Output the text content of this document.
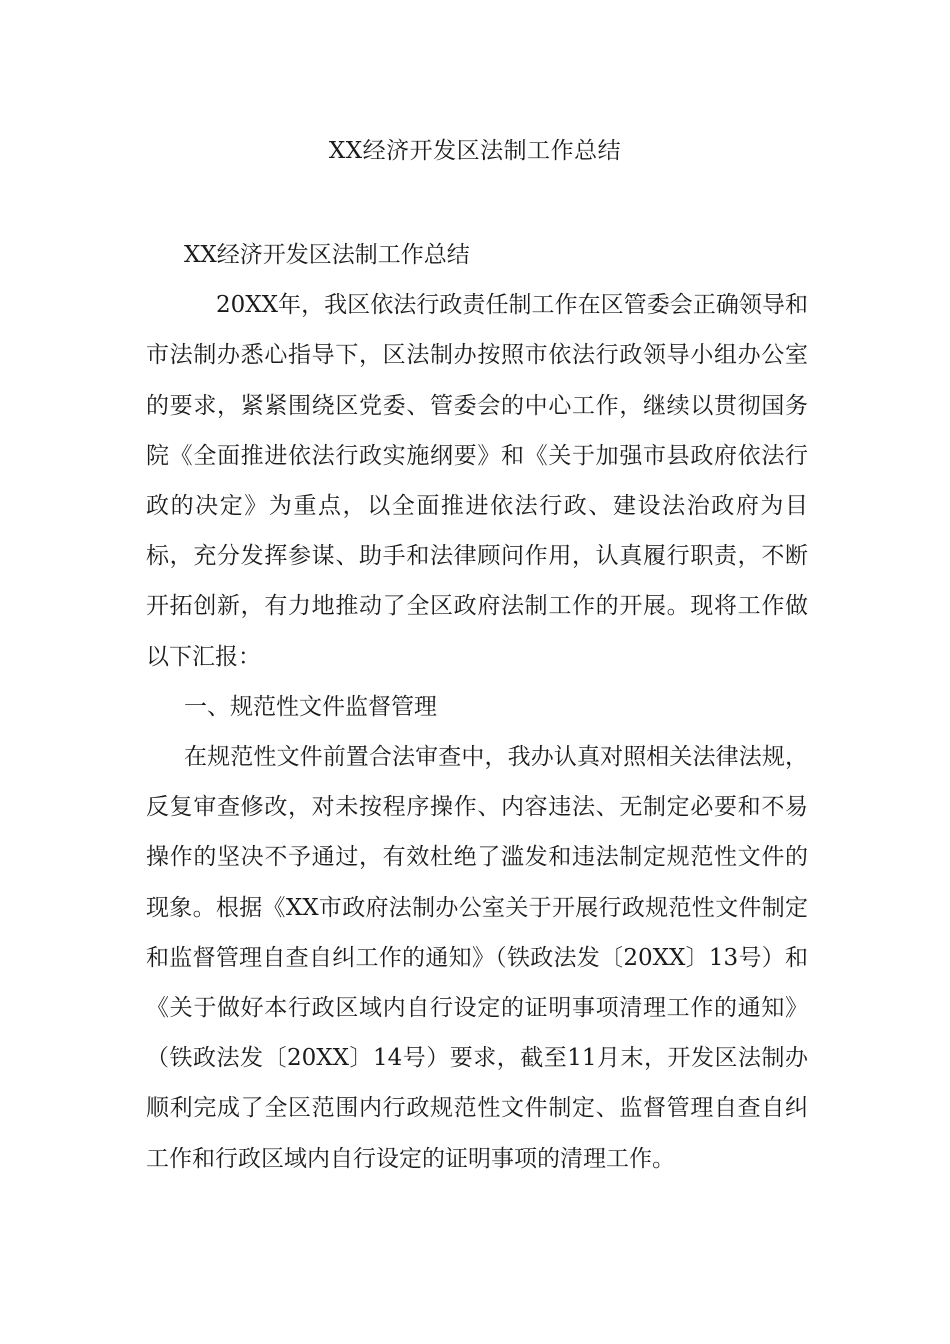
XX经济开发区法制工作总结

XX经济开发区法制工作总结

20XX年，我区依法行政责任制工作在区管委会正确领导和市法制办悉心指导下，区法制办按照市依法行政领导小组办公室的要求，紧紧围绕区党委、管委会的中心工作，继续以贯彻国务院《全面推进依法行政实施纲要》和《关于加强市县政府依法行政的决定》为重点，以全面推进依法行政、建设法治政府为目标，充分发挥参谋、助手和法律顾问作用，认真履行职责，不断开拓创新，有力地推动了全区政府法制工作的开展。现将工作做以下汇报：

一、规范性文件监督管理

在规范性文件前置合法审查中，我办认真对照相关法律法规，反复审查修改，对未按程序操作、内容违法、无制定必要和不易操作的坚决不予通过，有效杜绝了滥发和违法制定规范性文件的现象。根据《XX市政府法制办公室关于开展行政规范性文件制定和监督管理自查自纠工作的通知》（铁政法发〔20XX〕13号）和《关于做好本行政区域内自行设定的证明事项清理工作的通知》（铁政法发〔20XX〕14号）要求，截至11月末，开发区法制办顺利完成了全区范围内行政规范性文件制定、监督管理自查自纠工作和行政区域内自行设定的证明事项的清理工作。
